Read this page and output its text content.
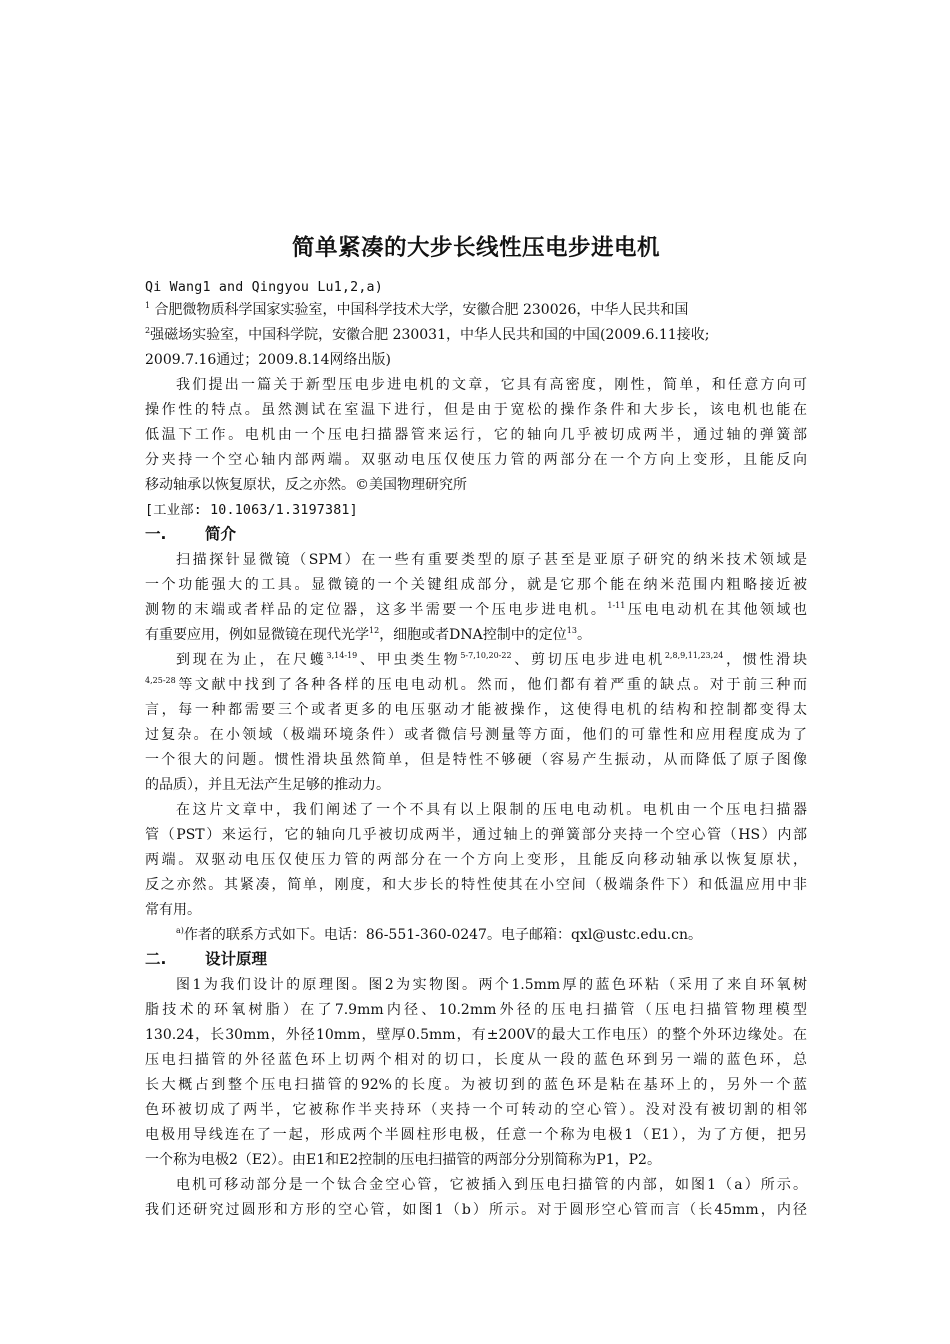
简单紧凑的大步长线性压电步进电机
Qi Wang1 and Qingyou Lu1,2,a)
$^1$ 合肥微物质科学国家实验室，中国科学技术大学，安徽合肥 230026，中华人民共和国
$^2$强磁场实验室，中国科学院，安徽合肥 230031，中华人民共和国的中国(2009.6.11接收;
2009.7.16通过；2009.8.14网络出版)
我们提出一篇关于新型压电步进电机的文章，它具有高密度，刚性，简单，和任意方向可
操作性的特点。虽然测试在室温下进行，但是由于宽松的操作条件和大步长，该电机也能在
低温下工作。电机由一个压电扫描器管来运行，它的轴向几乎被切成两半，通过轴的弹簧部
分夹持一个空心轴内部两端。双驱动电压仅使压力管的两部分在一个方向上变形，且能反向
移动轴承以恢复原状，反之亦然。©美国物理研究所
[工业部: 10.1063/1.3197381]
一. 简介
扫描探针显微镜（SPM）在一些有重要类型的原子甚至是亚原子研究的纳米技术领域是
一个功能强大的工具。显微镜的一个关键组成部分，就是它那个能在纳米范围内粗略接近被
测物的末端或者样品的定位器，这多半需要一个压电步进电机。$^{1-11}$压电电动机在其他领域也
有重要应用，例如显微镜在现代光学$^{12}$，细胞或者DNA控制中的定位$^{13}$。
到现在为止，在尺蠖$^{3,14-19}$、甲虫类生物$^{5-7,10,20-22}$、剪切压电步进电机$^{2,8,9,11,23,24}$，惯性滑块
$^{4,25-28}$等文献中找到了各种各样的压电电动机。然而，他们都有着严重的缺点。对于前三种而
言，每一种都需要三个或者更多的电压驱动才能被操作，这使得电机的结构和控制都变得太
过复杂。在小领域（极端环境条件）或者微信号测量等方面，他们的可靠性和应用程度成为了
一个很大的问题。惯性滑块虽然简单，但是特性不够硬（容易产生振动，从而降低了原子图像
的品质），并且无法产生足够的推动力。
在这片文章中，我们阐述了一个不具有以上限制的压电电动机。电机由一个压电扫描器
管（PST）来运行，它的轴向几乎被切成两半，通过轴上的弹簧部分夹持一个空心管（HS）内部
两端。双驱动电压仅使压力管的两部分在一个方向上变形，且能反向移动轴承以恢复原状，
反之亦然。其紧凑，简单，刚度，和大步长的特性使其在小空间（极端条件下）和低温应用中非
常有用。
$^{a)}$作者的联系方式如下。电话：86-551-360-0247。电子邮箱：qxl@ustc.edu.cn。
二. 设计原理
图1为我们设计的原理图。图2为实物图。两个1.5mm厚的蓝色环粘（采用了来自环氧树
脂技术的环氧树脂）在了7.9mm内径、10.2mm外径的压电扫描管（压电扫描管物理模型
130.24，长30mm，外径10mm，壁厚0.5mm，有±200V的最大工作电压）的整个外环边缘处。在
压电扫描管的外径蓝色环上切两个相对的切口，长度从一段的蓝色环到另一端的蓝色环，总
长大概占到整个压电扫描管的92%的长度。为被切到的蓝色环是粘在基环上的，另外一个蓝
色环被切成了两半，它被称作半夹持环（夹持一个可转动的空心管）。没对没有被切割的相邻
电极用导线连在了一起，形成两个半圆柱形电极，任意一个称为电极1（E1），为了方便，把另
一个称为电极2（E2）。由E1和E2控制的压电扫描管的两部分分别简称为P1，P2。
电机可移动部分是一个钛合金空心管，它被插入到压电扫描管的内部，如图1（a）所示。
我们还研究过圆形和方形的空心管，如图1（b）所示。对于圆形空心管而言（长45mm，内径
